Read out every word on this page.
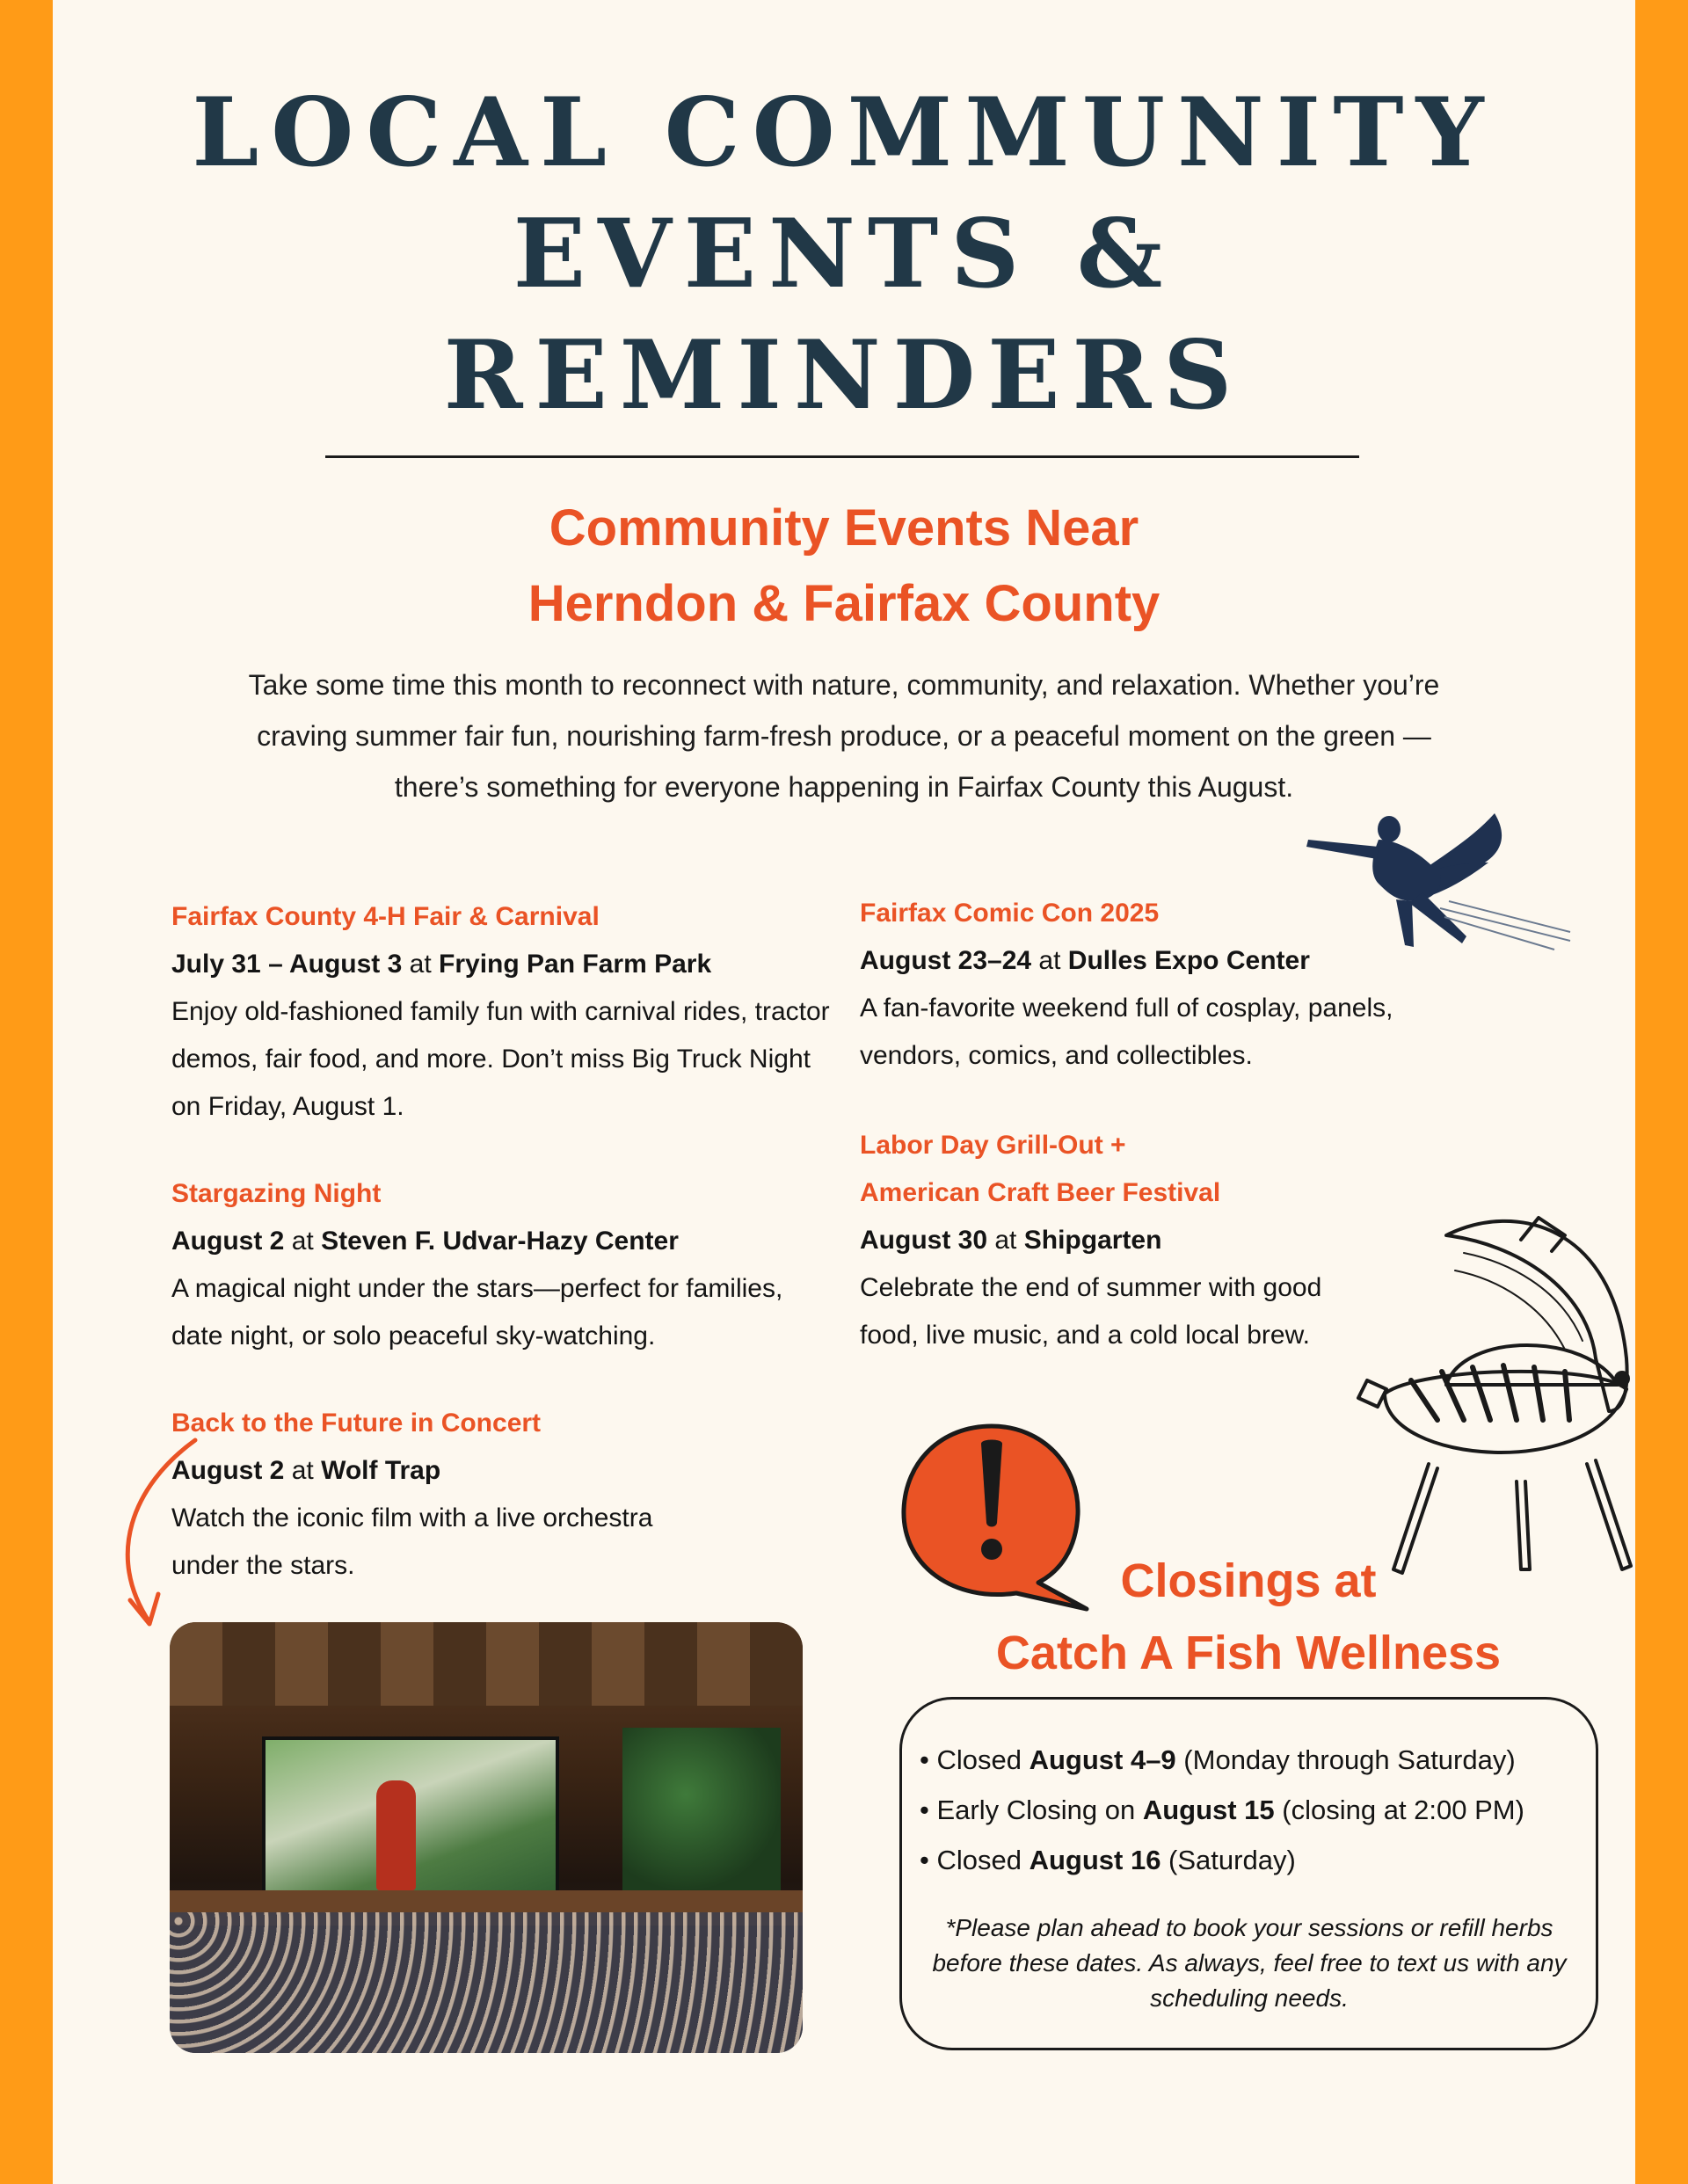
LOCAL COMMUNITY
EVENTS &
REMINDERS
Community Events Near
Herndon & Fairfax County

Take some time this month to reconnect with nature, community, and relaxation. Whether you’re craving summer fair fun, nourishing farm-fresh produce, or a peaceful moment on the green — there’s something for everyone happening in Fairfax County this August.

Fairfax County 4-H Fair & Carnival
July 31 – August 3 at Frying Pan Farm Park
Enjoy old-fashioned family fun with carnival rides, tractor demos, fair food, and more. Don’t miss Big Truck Night on Friday, August 1.
Stargazing Night
August 2 at Steven F. Udvar-Hazy Center
A magical night under the stars—perfect for families, date night, or solo peaceful sky-watching.
Back to the Future in Concert
August 2 at Wolf Trap
Watch the iconic film with a live orchestra under the stars.
Fairfax Comic Con 2025
August 23–24 at Dulles Expo Center
A fan-favorite weekend full of cosplay, panels, vendors, comics, and collectibles.
Labor Day Grill-Out +
American Craft Beer Festival
August 30 at Shipgarten
Celebrate the end of summer with good food, live music, and a cold local brew.
Closings at
Catch A Fish Wellness
• Closed August 4–9 (Monday through Saturday)
• Early Closing on August 15 (closing at 2:00 PM)
• Closed August 16 (Saturday)

*Please plan ahead to book your sessions or refill herbs before these dates. As always, feel free to text us with any scheduling needs.
